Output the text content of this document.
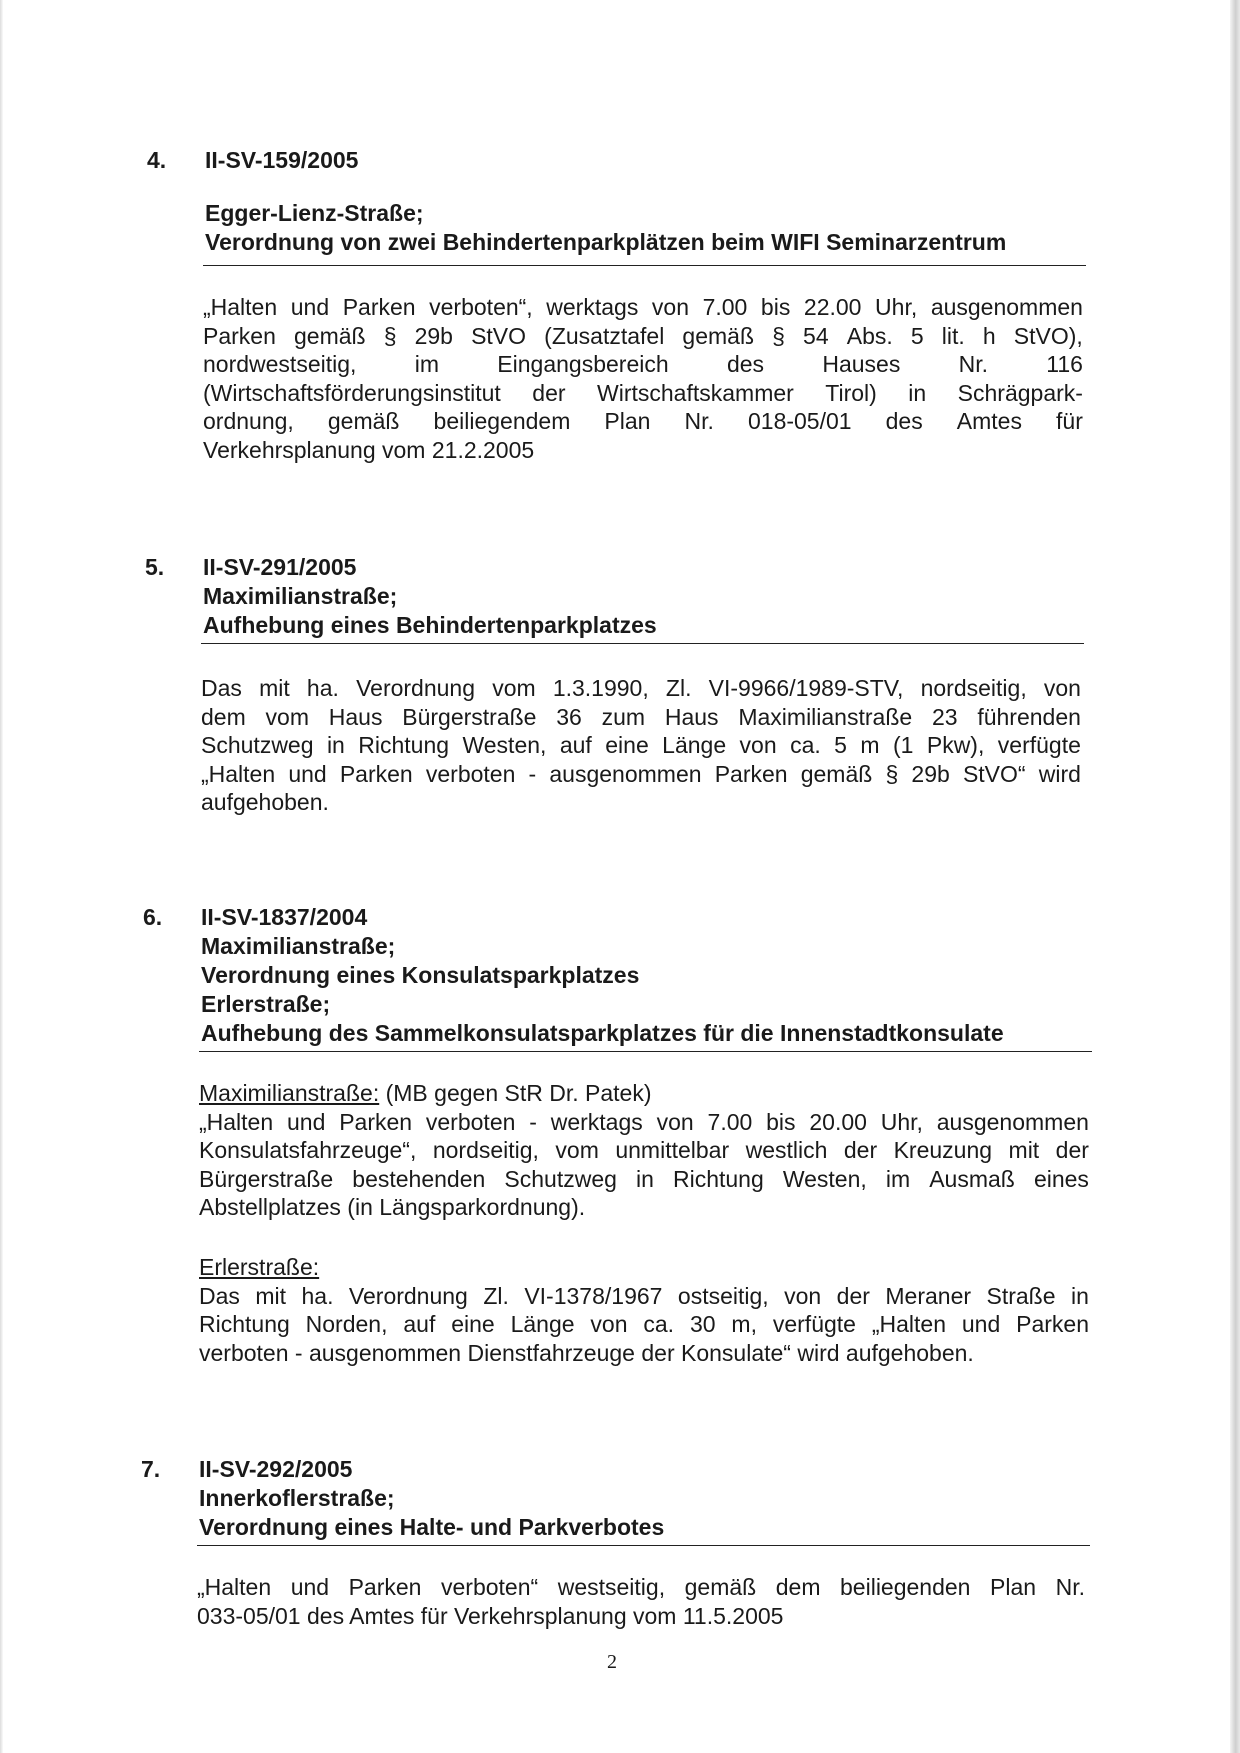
4. II-SV-159/2005
Egger-Lienz-Straße;
Verordnung von zwei Behindertenparkplätzen beim WIFI Seminarzentrum
„Halten und Parken verboten“, werktags von 7.00 bis 22.00 Uhr, ausgenommen
Parken gemäß § 29b StVO (Zusatztafel gemäß § 54 Abs. 5 lit. h StVO),
nordwestseitig,	im	Eingangsbereich	des	Hauses	Nr.	116
(Wirtschaftsförderungsinstitut der Wirtschaftskammer Tirol) in Schrägpark-
ordnung, gemäß beiliegendem Plan Nr. 018-05/01 des Amtes für
Verkehrsplanung vom 21.2.2005
5. II-SV-291/2005
Maximilianstraße;
Aufhebung eines Behindertenparkplatzes
Das mit ha. Verordnung vom 1.3.1990, Zl. VI-9966/1989-STV, nordseitig, von
dem vom Haus Bürgerstraße 36 zum Haus Maximilianstraße 23 führenden
Schutzweg in Richtung Westen, auf eine Länge von ca. 5 m (1 Pkw), verfügte
„Halten und Parken verboten - ausgenommen Parken gemäß § 29b StVO“ wird
aufgehoben.
6. II-SV-1837/2004
Maximilianstraße;
Verordnung eines Konsulatsparkplatzes
Erlerstraße;
Aufhebung des Sammelkonsulatsparkplatzes für die Innenstadtkonsulate
Maximilianstraße: (MB gegen StR Dr. Patek)
„Halten und Parken verboten - werktags von 7.00 bis 20.00 Uhr, ausgenommen
Konsulatsfahrzeuge“, nordseitig, vom unmittelbar westlich der Kreuzung mit der
Bürgerstraße bestehenden Schutzweg in Richtung Westen, im Ausmaß eines
Abstellplatzes (in Längsparkordnung).
Erlerstraße:
Das mit ha. Verordnung Zl. VI-1378/1967 ostseitig, von der Meraner Straße in
Richtung Norden, auf eine Länge von ca. 30 m, verfügte „Halten und Parken
verboten - ausgenommen Dienstfahrzeuge der Konsulate“ wird aufgehoben.
7. II-SV-292/2005
Innerkoflerstraße;
Verordnung eines Halte- und Parkverbotes
„Halten und Parken verboten“ westseitig, gemäß dem beiliegenden Plan Nr.
033-05/01 des Amtes für Verkehrsplanung vom 11.5.2005
2
